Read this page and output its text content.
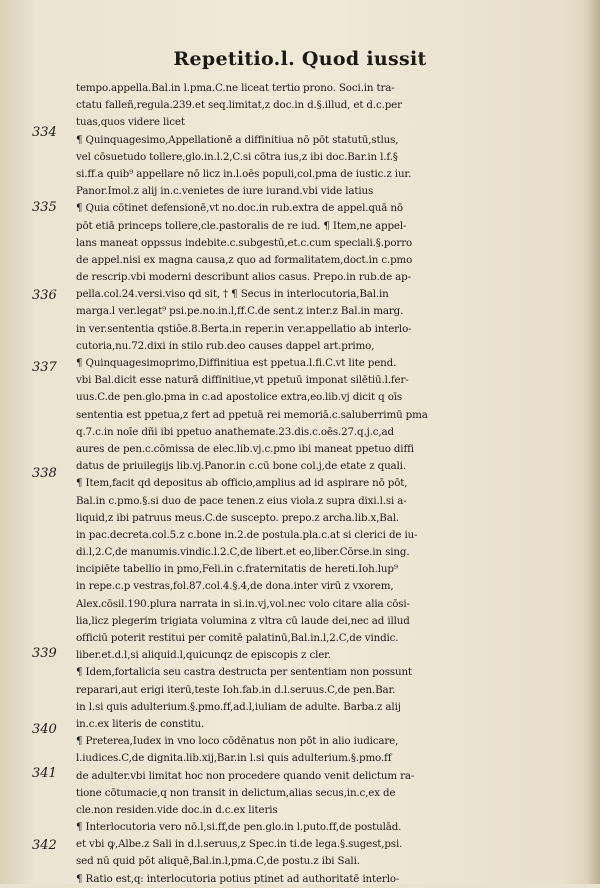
Repetitio.l. Quod iussit
334
335
336
337
338
339
340
341
342
tempo.appella.Bal.in l.pma.C.ne liceat tertio prono. Soci.in tra-
ctatu falleñ,regula.239.et seq.limitat,z doc.in d.§.illud, et d.c.per
tuas,quos videre licet
¶ Quinquagesimo,Appellationē a diffinitiua nō pōt statutū,stlus,
vel cōsuetudo tollere,glo.in.l.2,C.si cōtra ius,z ibi doc.Bar.in l.f.§
si.ff.a quib⁹ appellare nō licz in.l.oēs populi,col.pma de iustic.z iur.
Panor.Imol.z alij in.c.venietes de iure iurand.vbi vide latius
¶ Quia cōtinet defensionē,vt no.doc.in rub.extra de appel.quā nō
pōt etiā princeps tollere,cle.pastoralis de re iud. ¶ Item,ne appel-
lans maneat oppssus indebite.c.subgestū,et.c.cum speciali.§.porro
de appel.nisi ex magna causa,z quo ad formalitatem,doct.in c.pmo
de rescrip.vbi moderni describunt alios casus. Prepo.in rub.de ap-
pella.col.24.versi.viso qd sit, † ¶ Secus in interlocutoria,Bal.in
marga.l ver.legat⁹ psi.pe.no.in.l,ff.C.de sent.z inter.z Bal.in marg.
in ver.sententia qstiōe.8.Berta.in reper.in ver.appellatio ab interlo-
cutoria,nu.72.dixi in stilo rub.deo causes dappel art.primo,
¶ Quinquagesimoprimo,Diffinitiua est ppetua.l.fi.C.vt lite pend.
vbi Bal.dicit esse naturā diffinitiue,vt ppetuū imponat silētiū.l.fer-
uus.C.de pen.glo.pma in c.ad apostolice extra,eo.lib.vj dicit q oīs
sententia est ppetua,z fert ad ppetuā rei memoriā.c.saluberrimū pma
q.7.c.in noīe dñi ibi ppetuo anathemate.23.dis.c.oēs.27.q.j.c,ad
aures de pen.c.cōmissa de elec.lib.vj.c.pmo ibi maneat ppetuo diffi
datus de priuilegijs lib.vj.Panor.in c.cū bone col.j,de etate z quali.
¶ Item,facit qd depositus ab officio,amplius ad id aspirare nō pōt,
Bal.in c.pmo.§.si duo de pace tenen.z eius viola.z supra dixi.l.si a-
liquid,z ibi patruus meus.C.de suscepto. prepo.z archa.lib.x,Bal.
in pac.decreta.col.5.z c.bone in.2.de postula.pla.c.at si clerici de iu-
di.l,2.C,de manumis.vindic.l.2.C,de libert.et eo,liber.Cōrse.in sing.
incipiēte tabellio in pmo,Feli.in c.fraternitatis de hereti.Ioh.lup⁹
in repe.c.p vestras,fol.87.col.4.§.4,de dona.inter virū z vxorem,
Alex.cōsil.190.plura narrata in si.in.vj,vol.nec volo citare alia cōsi-
lia,licz plegerim trigiata volumina z vltra cū laude dei,nec ad illud
officiū poterit restitui per comitē palatinū,Bal.in.l,2.C,de vindic.
liber.et.d.l,si aliquid.l,quicunqz de episcopis z cler.
¶ Idem,fortalicia seu castra destructa per sententiam non possunt
reparari,aut erigi iterū,teste Ioh.fab.in d.l.seruus.C,de pen.Bar.
in l.si quis adulterium.§.pmo.ff,ad.l,iuliam de adulte. Barba.z alij
in.c.ex literis de constitu.
¶ Preterea,Iudex in vno loco cōdēnatus non pōt in alio iudicare,
l.iudices.C,de dignita.lib.xij,Bar.in l.si quis adulterium.§.pmo.ff
de adulter.vbi limitat hoc non procedere quando venit delictum ra-
tione cōtumacie,q non transit in delictum,alias secus,in.c,ex de
cle.non residen.vide doc.in d.c.ex literis
¶ Interlocutoria vero nō.l,si.ff,de pen.glo.in l.puto.ff,de postulād.
et vbi ꝙ,Albe.z Sali in d.l.seruus,z Spec.in ti.de lega.§.sugest,psi.
sed nū quid pōt aliquē,Bal.in.l,pma.C,de postu.z ibi Sali.
¶ Ratio est,q: interlocutoria potius ptinet ad authoritatē interlo-
